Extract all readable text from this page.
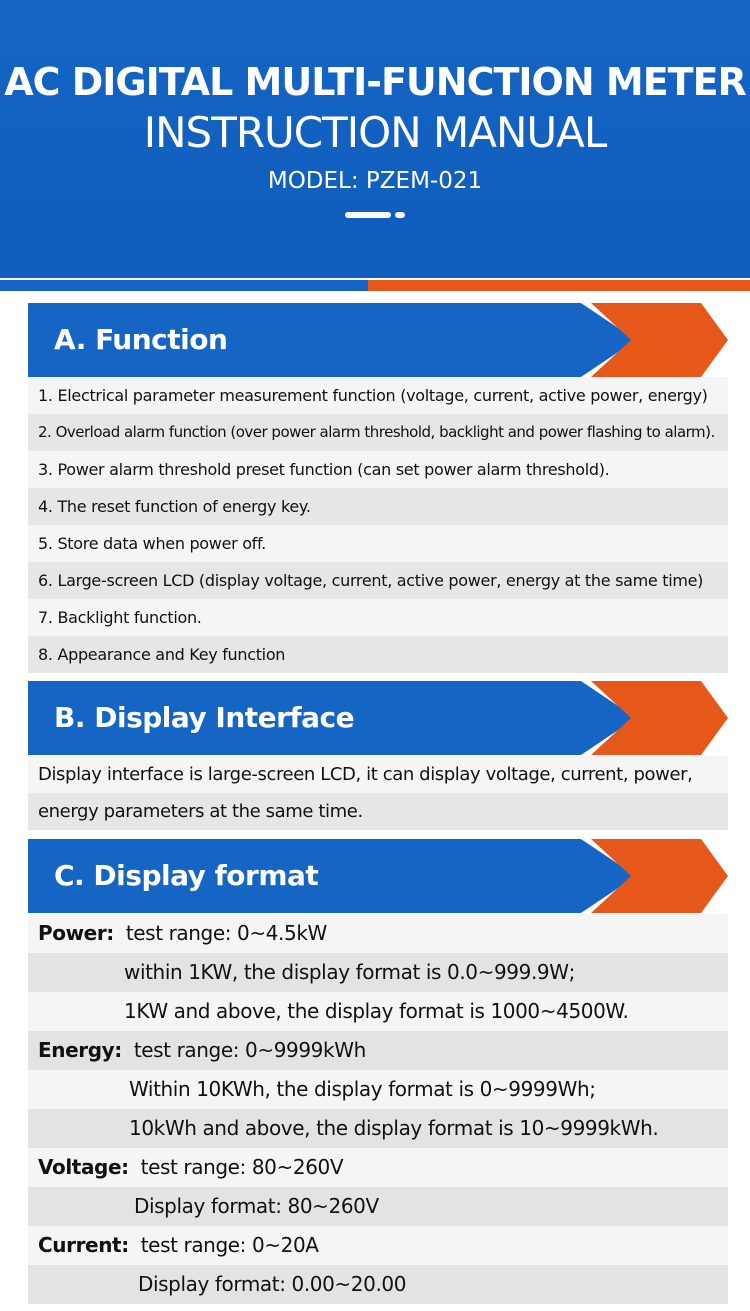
AC DIGITAL MULTI-FUNCTION METER
INSTRUCTION MANUAL
MODEL: PZEM-021
A. Function
1. Electrical parameter measurement function (voltage, current, active power, energy)
2. Overload alarm function (over power alarm threshold, backlight and power flashing to alarm).
3. Power alarm threshold preset function (can set power alarm threshold).
4. The reset function of energy key.
5. Store data when power off.
6. Large-screen LCD (display voltage, current, active power, energy at the same time)
7. Backlight function.
8. Appearance and Key function
B. Display Interface
Display interface is large-screen LCD, it can display voltage, current, power,
energy parameters at the same time.
C. Display format
Power: test range: 0~4.5kW
within 1KW, the display format is 0.0~999.9W;
1KW and above, the display format is 1000~4500W.
Energy: test range: 0~9999kWh
Within 10KWh, the display format is 0~9999Wh;
10kWh and above, the display format is 10~9999kWh.
Voltage: test range: 80~260V
Display format: 80~260V
Current: test range: 0~20A
Display format: 0.00~20.00
